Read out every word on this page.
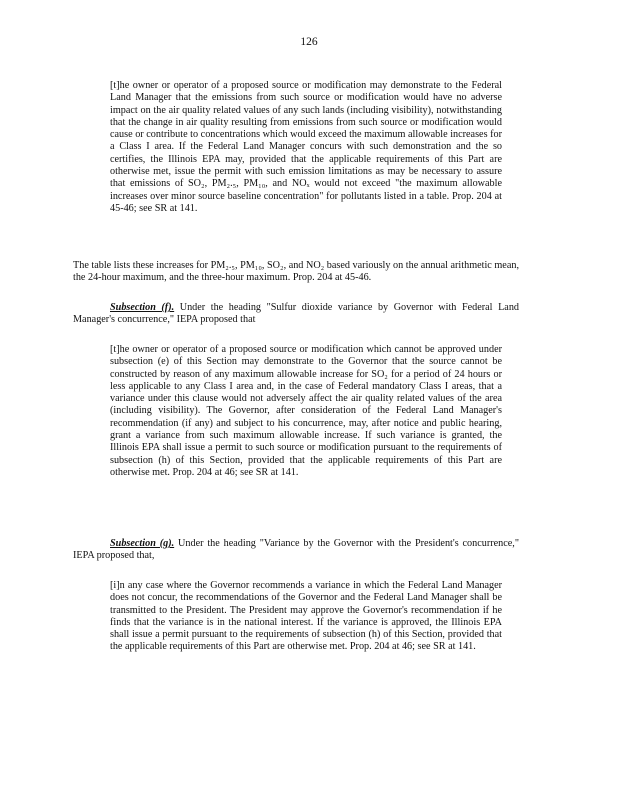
126

[t]he owner or operator of a proposed source or modification may demonstrate to the Federal Land Manager that the emissions from such source or modification would have no adverse impact on the air quality related values of any such lands (including visibility), notwithstanding that the change in air quality resulting from emissions from such source or modification would cause or contribute to concentrations which would exceed the maximum allowable increases for a Class I area. If the Federal Land Manager concurs with such demonstration and the so certifies, the Illinois EPA may, provided that the applicable requirements of this Part are otherwise met, issue the permit with such emission limitations as may be necessary to assure that emissions of SO₂, PM₂.₅, PM₁₀, and NOₓ would not exceed "the maximum allowable increases over minor source baseline concentration" for pollutants listed in a table. Prop. 204 at 45-46; see SR at 141.

The table lists these increases for PM₂.₅, PM₁₀, SO₂, and NO₂ based variously on the annual arithmetic mean, the 24-hour maximum, and the three-hour maximum. Prop. 204 at 45-46.

Subsection (f). Under the heading "Sulfur dioxide variance by Governor with Federal Land Manager's concurrence," IEPA proposed that

[t]he owner or operator of a proposed source or modification which cannot be approved under subsection (e) of this Section may demonstrate to the Governor that the source cannot be constructed by reason of any maximum allowable increase for SO₂ for a period of 24 hours or less applicable to any Class I area and, in the case of Federal mandatory Class I areas, that a variance under this clause would not adversely affect the air quality related values of the area (including visibility). The Governor, after consideration of the Federal Land Manager's recommendation (if any) and subject to his concurrence, may, after notice and public hearing, grant a variance from such maximum allowable increase. If such variance is granted, the Illinois EPA shall issue a permit to such source or modification pursuant to the requirements of subsection (h) of this Section, provided that the applicable requirements of this Part are otherwise met. Prop. 204 at 46; see SR at 141.

Subsection (g). Under the heading "Variance by the Governor with the President's concurrence," IEPA proposed that,

[i]n any case where the Governor recommends a variance in which the Federal Land Manager does not concur, the recommendations of the Governor and the Federal Land Manager shall be transmitted to the President. The President may approve the Governor's recommendation if he finds that the variance is in the national interest. If the variance is approved, the Illinois EPA shall issue a permit pursuant to the requirements of subsection (h) of this Section, provided that the applicable requirements of this Part are otherwise met. Prop. 204 at 46; see SR at 141.
